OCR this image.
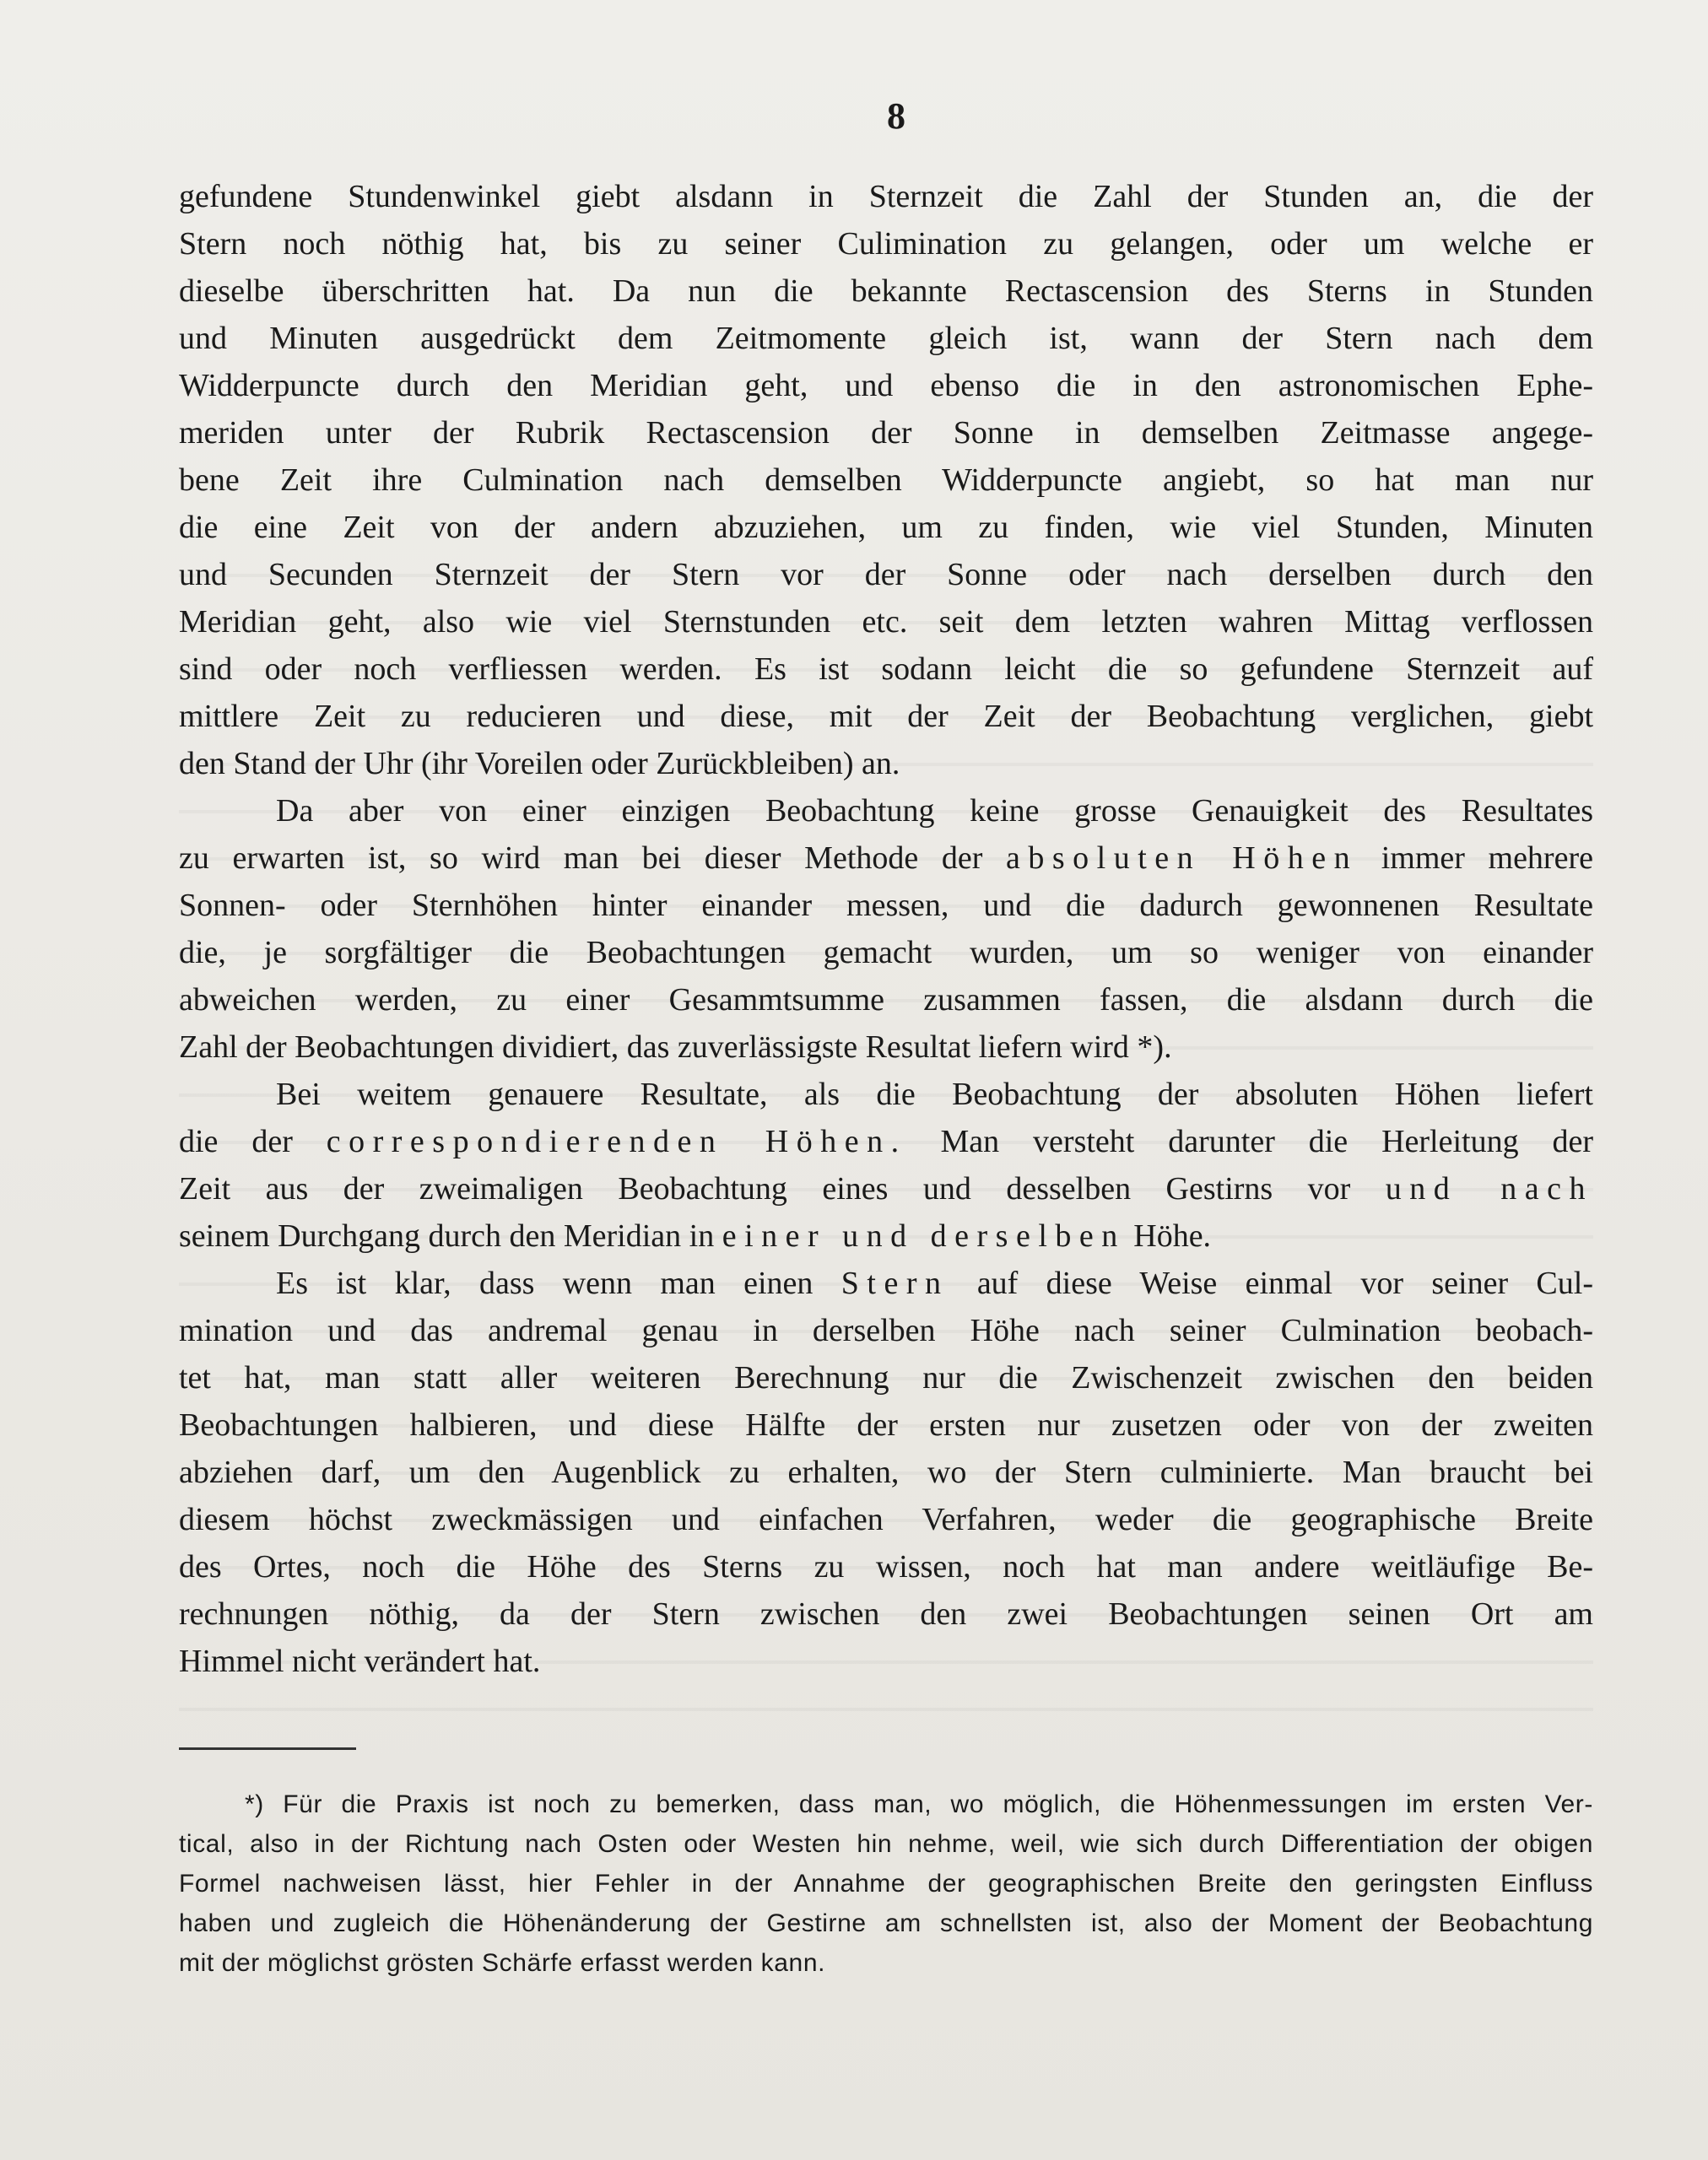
8
gefundene Stundenwinkel giebt alsdann in Sternzeit die Zahl der Stunden an, die der
Stern noch nöthig hat, bis zu seiner Culimination zu gelangen, oder um welche er
dieselbe überschritten hat. Da nun die bekannte Rectascension des Sterns in Stunden
und Minuten ausgedrückt dem Zeitmomente gleich ist, wann der Stern nach dem
Widderpuncte durch den Meridian geht, und ebenso die in den astronomischen Ephe-
meriden unter der Rubrik Rectascension der Sonne in demselben Zeitmasse angege-
bene Zeit ihre Culmination nach demselben Widderpuncte angiebt, so hat man nur
die eine Zeit von der andern abzuziehen, um zu finden, wie viel Stunden, Minuten
und Secunden Sternzeit der Stern vor der Sonne oder nach derselben durch den
Meridian geht, also wie viel Sternstunden etc. seit dem letzten wahren Mittag verflossen
sind oder noch verfliessen werden. Es ist sodann leicht die so gefundene Sternzeit auf
mittlere Zeit zu reducieren und diese, mit der Zeit der Beobachtung verglichen, giebt
den Stand der Uhr (ihr Voreilen oder Zurückbleiben) an.
Da aber von einer einzigen Beobachtung keine grosse Genauigkeit des Resultates
zu erwarten ist, so wird man bei dieser Methode der absoluten Höhen immer mehrere
Sonnen- oder Sternhöhen hinter einander messen, und die dadurch gewonnenen Resultate
die, je sorgfältiger die Beobachtungen gemacht wurden, um so weniger von einander
abweichen werden, zu einer Gesammtsumme zusammen fassen, die alsdann durch die
Zahl der Beobachtungen dividiert, das zuverlässigste Resultat liefern wird *).
Bei weitem genauere Resultate, als die Beobachtung der absoluten Höhen liefert
die der correspondierenden Höhen. Man versteht darunter die Herleitung der
Zeit aus der zweimaligen Beobachtung eines und desselben Gestirns vor und nach
seinem Durchgang durch den Meridian in einer und derselben Höhe.
Es ist klar, dass wenn man einen Stern auf diese Weise einmal vor seiner Cul-
mination und das andremal genau in derselben Höhe nach seiner Culmination beobach-
tet hat, man statt aller weiteren Berechnung nur die Zwischenzeit zwischen den beiden
Beobachtungen halbieren, und diese Hälfte der ersten nur zusetzen oder von der zweiten
abziehen darf, um den Augenblick zu erhalten, wo der Stern culminierte. Man braucht bei
diesem höchst zweckmässigen und einfachen Verfahren, weder die geographische Breite
des Ortes, noch die Höhe des Sterns zu wissen, noch hat man andere weitläufige Be-
rechnungen nöthig, da der Stern zwischen den zwei Beobachtungen seinen Ort am
Himmel nicht verändert hat.
*) Für die Praxis ist noch zu bemerken, dass man, wo möglich, die Höhenmessungen im ersten Ver-
tical, also in der Richtung nach Osten oder Westen hin nehme, weil, wie sich durch Differentiation der obigen
Formel nachweisen lässt, hier Fehler in der Annahme der geographischen Breite den geringsten Einfluss
haben und zugleich die Höhenänderung der Gestirne am schnellsten ist, also der Moment der Beobachtung
mit der möglichst grösten Schärfe erfasst werden kann.
